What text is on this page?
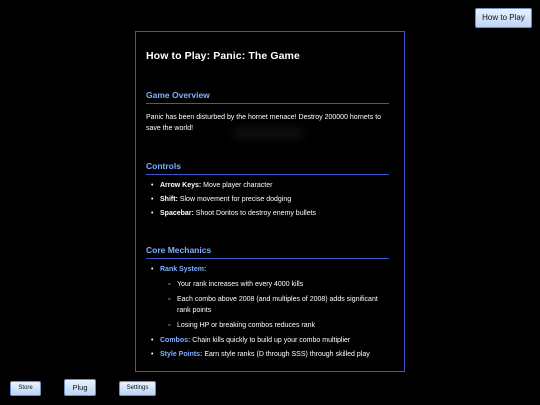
How to Play
How to Play: Panic: The Game
Game Overview

Panic has been disturbed by the hornet menace! Destroy 200000 hornets to save the world!

Controls
• Arrow Keys: Move player character
• Shift: Slow movement for precise dodging
• Spacebar: Shoot Doritos to destroy enemy bullets
Core Mechanics
• Rank System:
◦ Your rank increases with every 4000 kills
◦ Each combo above 2008 (and multiples of 2008) adds significant rank points
◦ Losing HP or breaking combos reduces rank
• Combos: Chain kills quickly to build up your combo multiplier
• Style Points: Earn style ranks (D through SSS) through skilled play
Store	Plug	Settings
